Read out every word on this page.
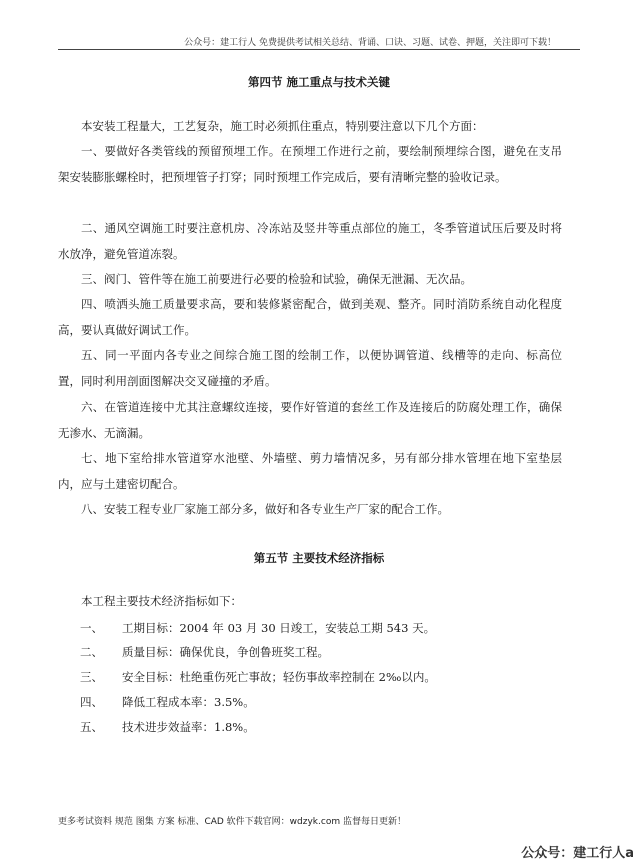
公众号：建工行人 免费提供考试相关总结、背诵、口诀、习题、试卷、押题，关注即可下载！
第四节 施工重点与技术关键

本安装工程量大，工艺复杂，施工时必须抓住重点，特别要注意以下几个方面：

一、要做好各类管线的预留预埋工作。在预埋工作进行之前，要绘制预埋综合图，避免在支吊架安装膨胀螺栓时，把预埋管子打穿；同时预埋工作完成后，要有清晰完整的验收记录。

二、通风空调施工时要注意机房、冷冻站及竖井等重点部位的施工，冬季管道试压后要及时将水放净，避免管道冻裂。

三、阀门、管件等在施工前要进行必要的检验和试验，确保无泄漏、无次品。

四、喷洒头施工质量要求高，要和装修紧密配合，做到美观、整齐。同时消防系统自动化程度高，要认真做好调试工作。

五、同一平面内各专业之间综合施工图的绘制工作，以便协调管道、线槽等的走向、标高位置，同时利用剖面图解决交叉碰撞的矛盾。

六、在管道连接中尤其注意螺纹连接，要作好管道的套丝工作及连接后的防腐处理工作，确保无渗水、无滴漏。

七、地下室给排水管道穿水池壁、外墙壁、剪力墙情况多，另有部分排水管埋在地下室垫层内，应与土建密切配合。

八、安装工程专业厂家施工部分多，做好和各专业生产厂家的配合工作。

第五节 主要技术经济指标

本工程主要技术经济指标如下：

一、 工期目标：2004 年 03 月 30 日竣工，安装总工期 543 天。
二、 质量目标：确保优良，争创鲁班奖工程。
三、 安全目标：杜绝重伤死亡事故；轻伤事故率控制在 2‰以内。
四、 降低工程成本率：3.5%。
五、 技术进步效益率：1.8%。
更多考试资料 规范 图集 方案 标准、CAD 软件下载官网：wdzyk.com 监督每日更新！
公众号：建工行人a
